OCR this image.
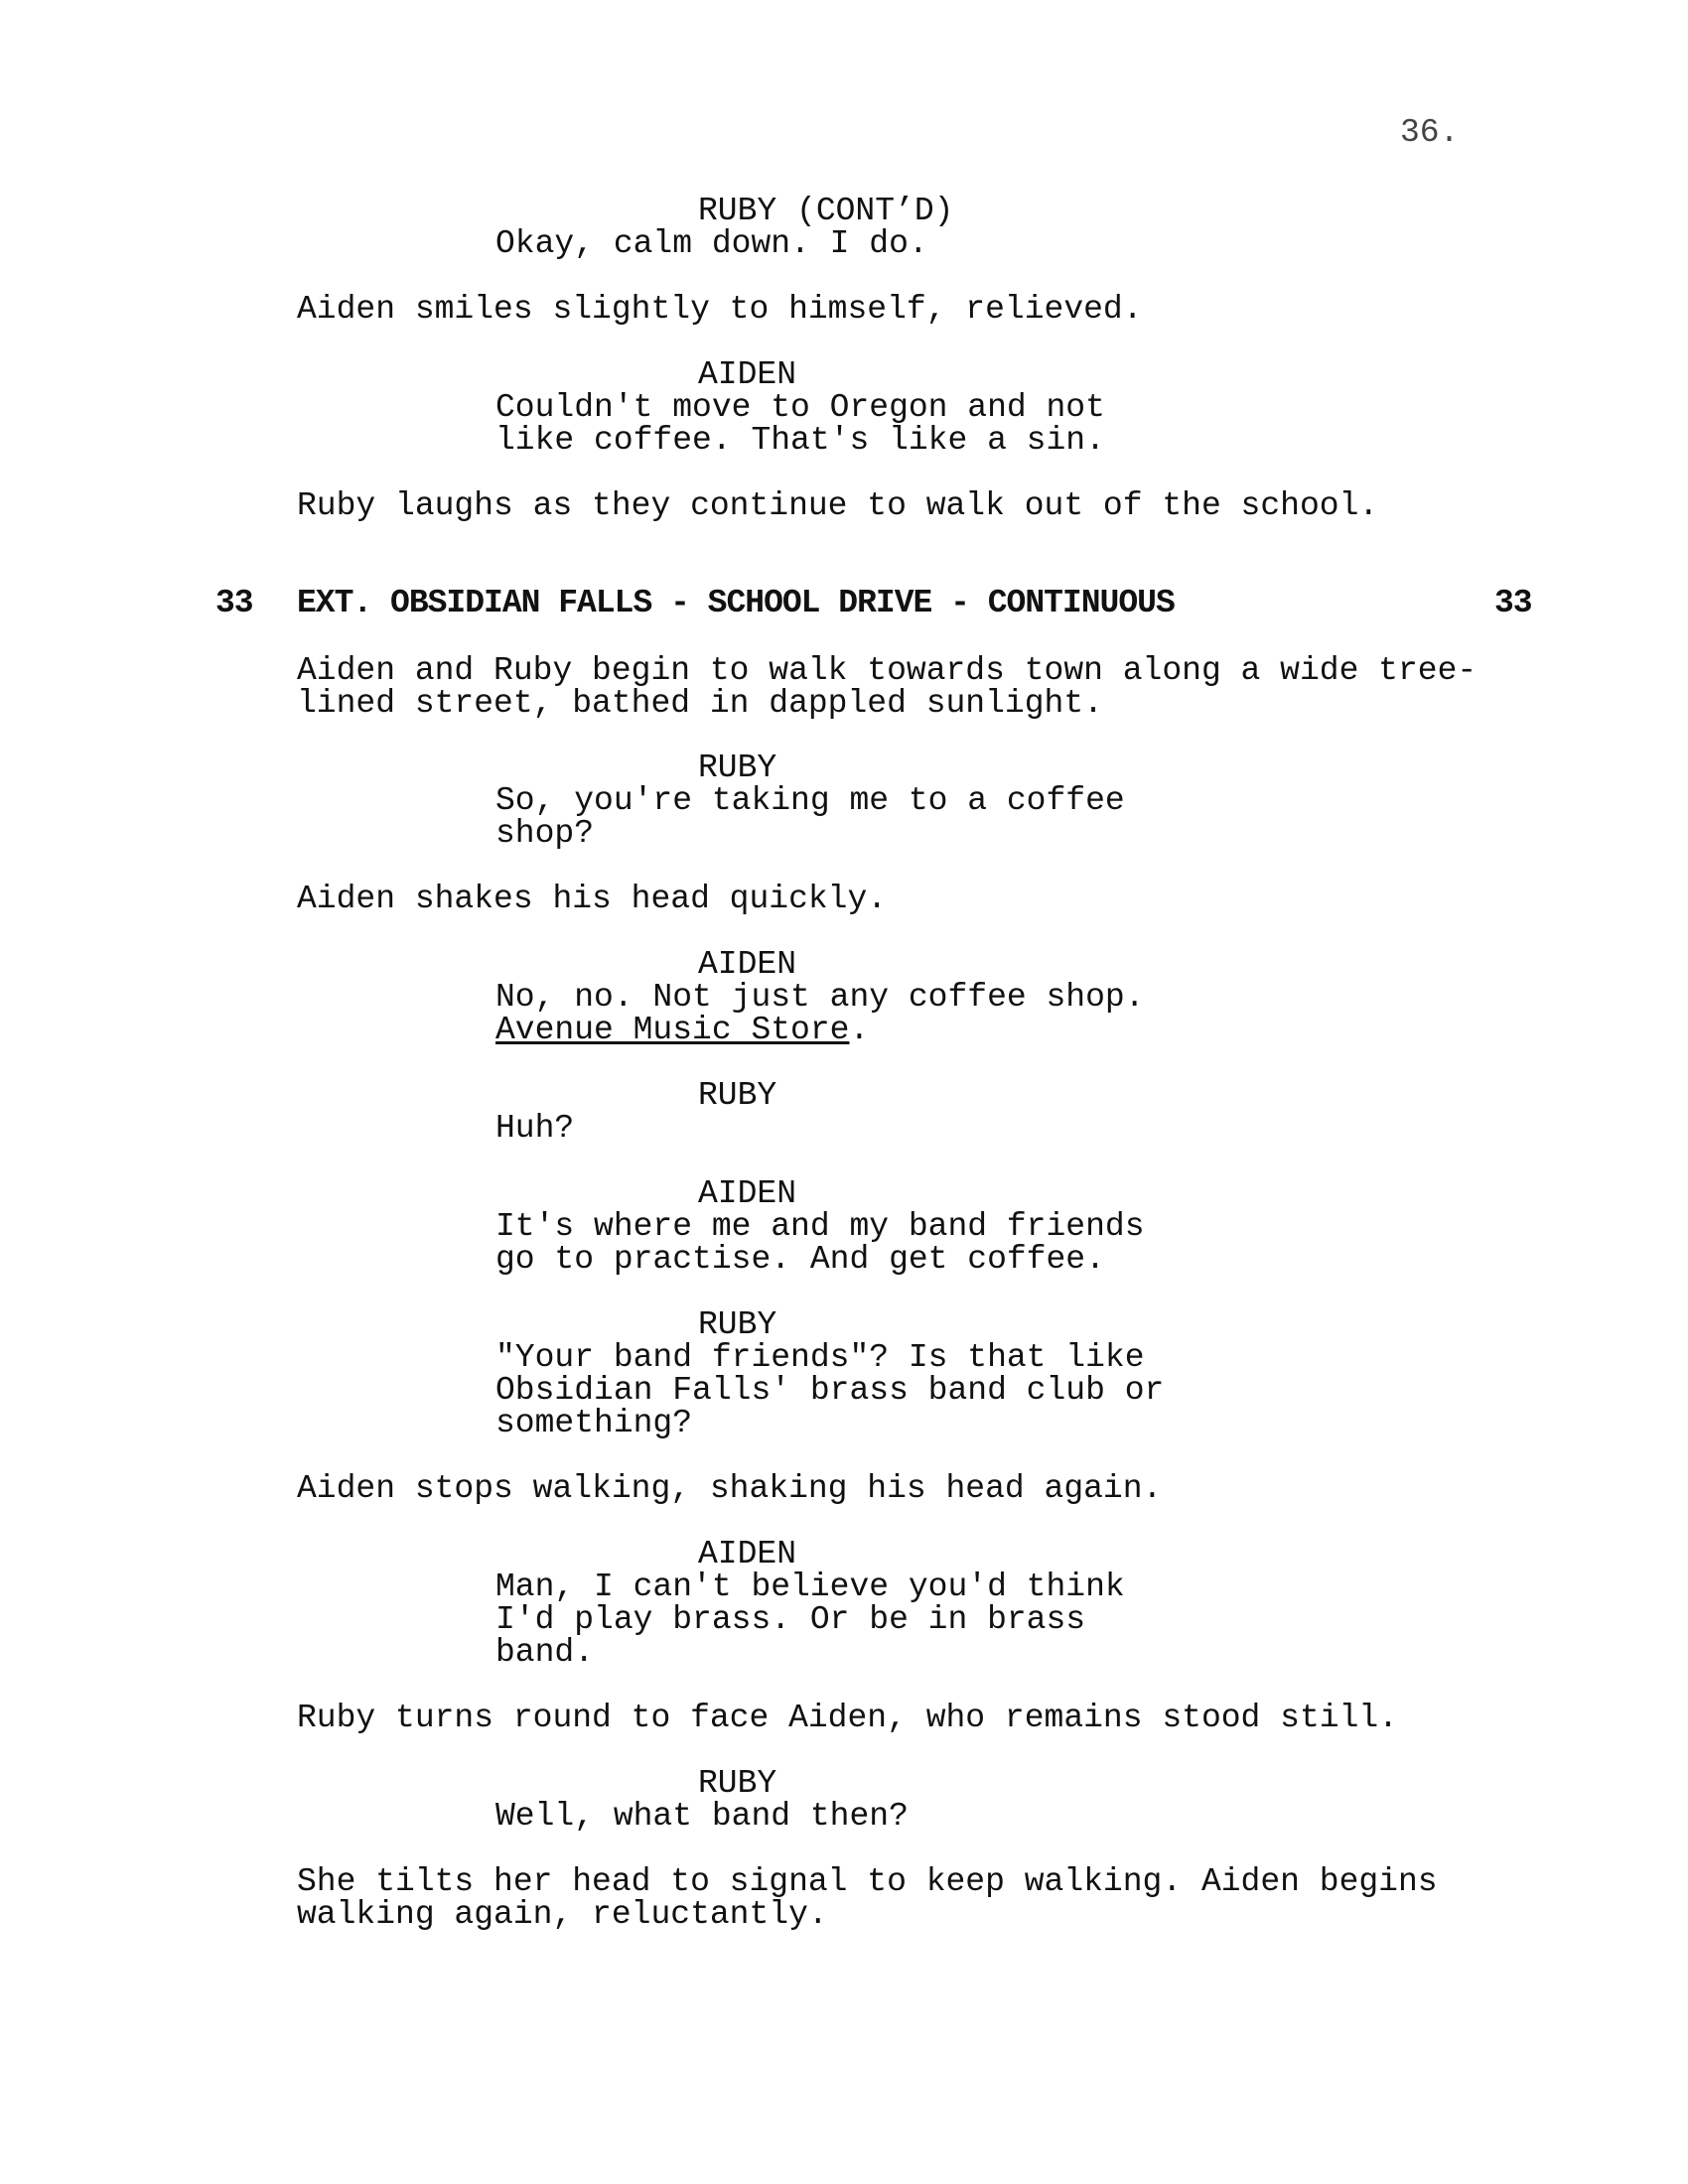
36.
RUBY (CONT’D)
Okay, calm down. I do.
Aiden smiles slightly to himself, relieved.
AIDEN
Couldn't move to Oregon and not
like coffee. That's like a sin.
Ruby laughs as they continue to walk out of the school.
33 EXT. OBSIDIAN FALLS - SCHOOL DRIVE - CONTINUOUS	33
Aiden and Ruby begin to walk towards town along a wide tree-
lined street, bathed in dappled sunlight.
RUBY
So, you're taking me to a coffee
shop?
Aiden shakes his head quickly.
AIDEN
No, no. Not just any coffee shop.
Avenue Music Store.
RUBY
Huh?
AIDEN
It's where me and my band friends
go to practise. And get coffee.
RUBY
"Your band friends"? Is that like
Obsidian Falls' brass band club or
something?
Aiden stops walking, shaking his head again.
AIDEN
Man, I can't believe you'd think
I'd play brass. Or be in brass
band.
Ruby turns round to face Aiden, who remains stood still.
RUBY
Well, what band then?
She tilts her head to signal to keep walking. Aiden begins
walking again, reluctantly.
